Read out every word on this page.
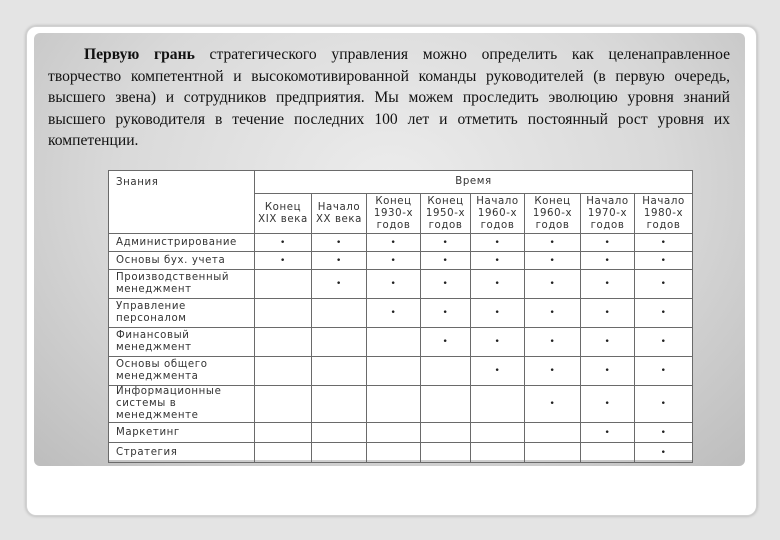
Первую грань стратегического управления можно определить как целенаправленное творчество компетентной и высокомотивированной команды руководителей (в первую очередь, высшего звена) и сотрудников предприятия. Мы можем проследить эволюцию уровня знаний высшего руководителя в течение последних 100 лет и отметить постоянный рост уровня их компетенции.

Знания	Время							
	Конец XIX века	Начало XX века	Конец 1930-х годов	Конец 1950-х годов	Начало 1960-х годов	Конец 1960-х годов	Начало 1970-х годов	Начало 1980-х годов
Администрирование	•	•	•	•	•	•	•	•
Основы бух. учета	•	•	•	•	•	•	•	•
Производственный менеджмент		•	•	•	•	•	•	•
Управление персоналом			•	•	•	•	•	•
Финансовый менеджмент				•	•	•	•	•
Основы общего менеджмента					•	•	•	•
Информационные системы в менеджменте						•	•	•
Маркетинг							•	•
Стратегия								•
